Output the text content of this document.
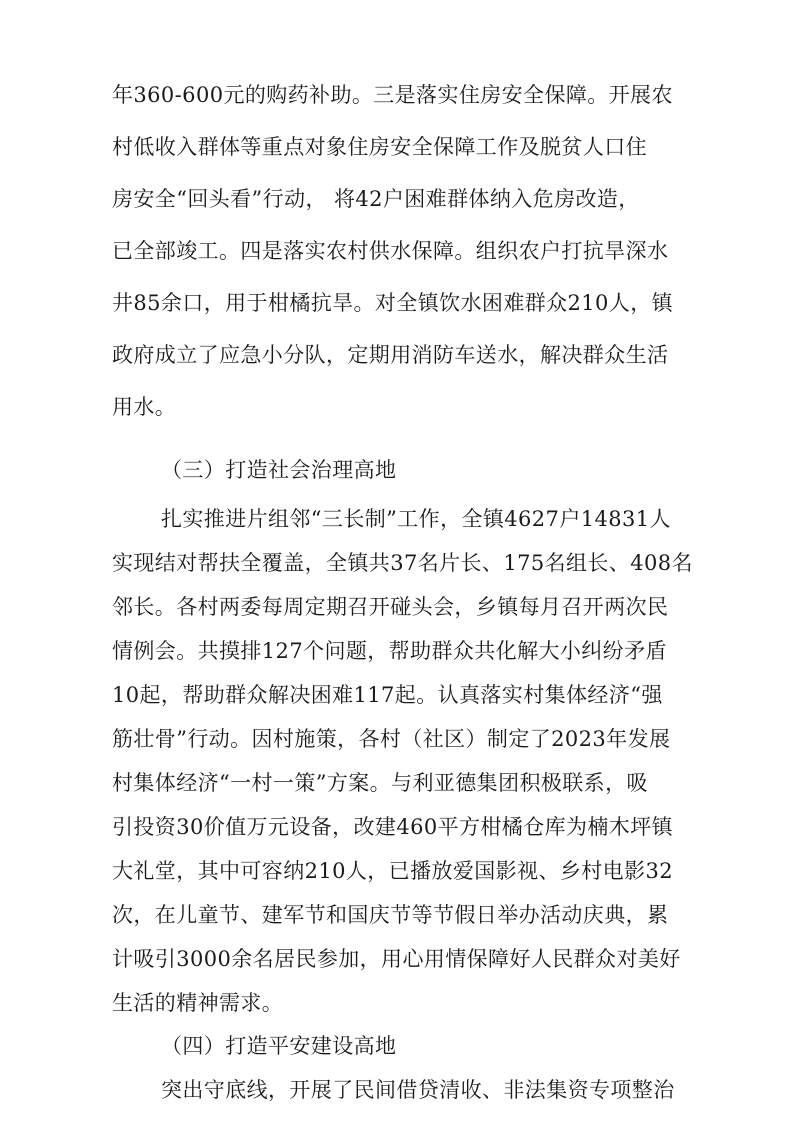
年360-600元的购药补助。三是落实住房安全保障。开展农
村低收入群体等重点对象住房安全保障工作及脱贫人口住
房安全“回头看”行动， 将42户困难群体纳入危房改造，
已全部竣工。四是落实农村供水保障。组织农户打抗旱深水
井85余口，用于柑橘抗旱。对全镇饮水困难群众210人，镇
政府成立了应急小分队，定期用消防车送水，解决群众生活
用水。
（三）打造社会治理高地
扎实推进片组邻“三长制”工作，全镇4627户14831人
实现结对帮扶全覆盖，全镇共37名片长、175名组长、408名
邻长。各村两委每周定期召开碰头会，乡镇每月召开两次民
情例会。共摸排127个问题，帮助群众共化解大小纠纷矛盾
10起，帮助群众解决困难117起。认真落实村集体经济“强
筋壮骨”行动。因村施策，各村（社区）制定了2023年发展
村集体经济“一村一策”方案。与利亚德集团积极联系，吸
引投资30价值万元设备，改建460平方柑橘仓库为楠木坪镇
大礼堂，其中可容纳210人，已播放爱国影视、乡村电影32
次，在儿童节、建军节和国庆节等节假日举办活动庆典，累
计吸引3000余名居民参加，用心用情保障好人民群众对美好
生活的精神需求。
（四）打造平安建设高地
突出守底线，开展了民间借贷清收、非法集资专项整治
